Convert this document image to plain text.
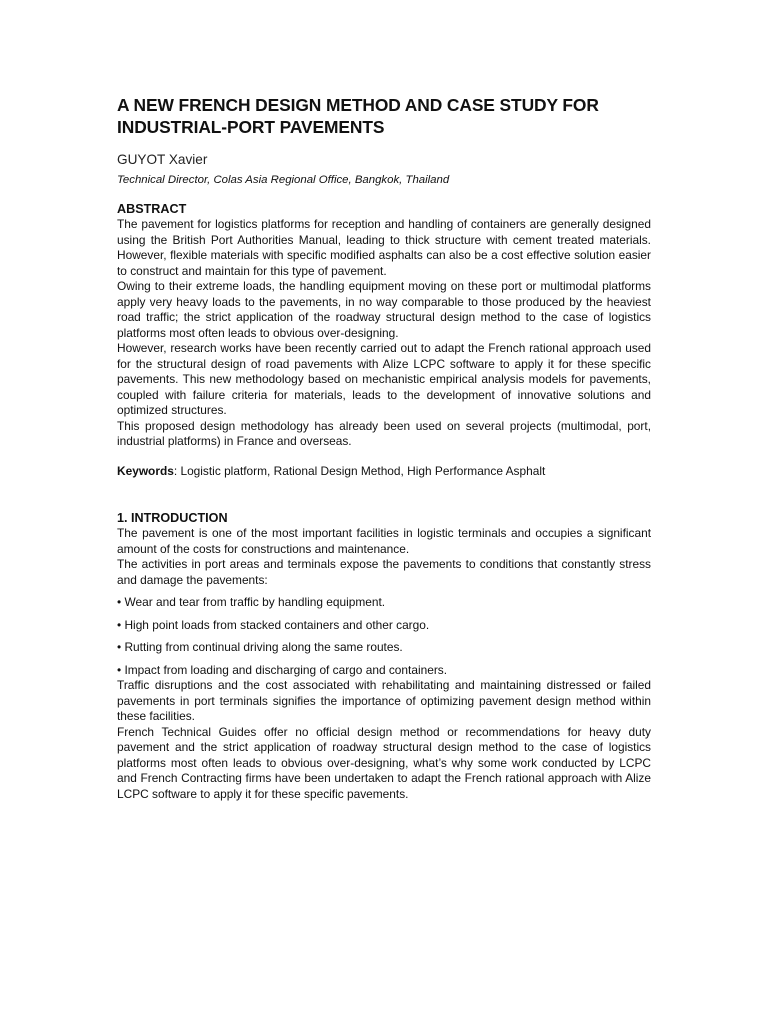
A NEW FRENCH DESIGN METHOD AND CASE STUDY FOR INDUSTRIAL-PORT PAVEMENTS
GUYOT Xavier
Technical Director, Colas Asia Regional Office, Bangkok, Thailand
ABSTRACT

The pavement for logistics platforms for reception and handling of containers are generally designed using the British Port Authorities Manual, leading to thick structure with cement treated materials. However, flexible materials with specific modified asphalts can also be a cost effective solution easier to construct and maintain for this type of pavement.

Owing to their extreme loads, the handling equipment moving on these port or multimodal platforms apply very heavy loads to the pavements, in no way comparable to those produced by the heaviest road traffic; the strict application of the roadway structural design method to the case of logistics platforms most often leads to obvious over-designing.

However, research works have been recently carried out to adapt the French rational approach used for the structural design of road pavements with Alize LCPC software to apply it for these specific pavements. This new methodology based on mechanistic empirical analysis models for pavements, coupled with failure criteria for materials, leads to the development of innovative solutions and optimized structures.

This proposed design methodology has already been used on several projects (multimodal, port, industrial platforms) in France and overseas.

Keywords: Logistic platform, Rational Design Method, High Performance Asphalt
1. INTRODUCTION

The pavement is one of the most important facilities in logistic terminals and occupies a significant amount of the costs for constructions and maintenance.

The activities in port areas and terminals expose the pavements to conditions that constantly stress and damage the pavements:

• Wear and tear from traffic by handling equipment.
• High point loads from stacked containers and other cargo.
• Rutting from continual driving along the same routes.
• Impact from loading and discharging of cargo and containers.

Traffic disruptions and the cost associated with rehabilitating and maintaining distressed or failed pavements in port terminals signifies the importance of optimizing pavement design method within these facilities.

French Technical Guides offer no official design method or recommendations for heavy duty pavement and the strict application of roadway structural design method to the case of logistics platforms most often leads to obvious over-designing, what’s why some work conducted by LCPC and French Contracting firms have been undertaken to adapt the French rational approach with Alize LCPC software to apply it for these specific pavements.
